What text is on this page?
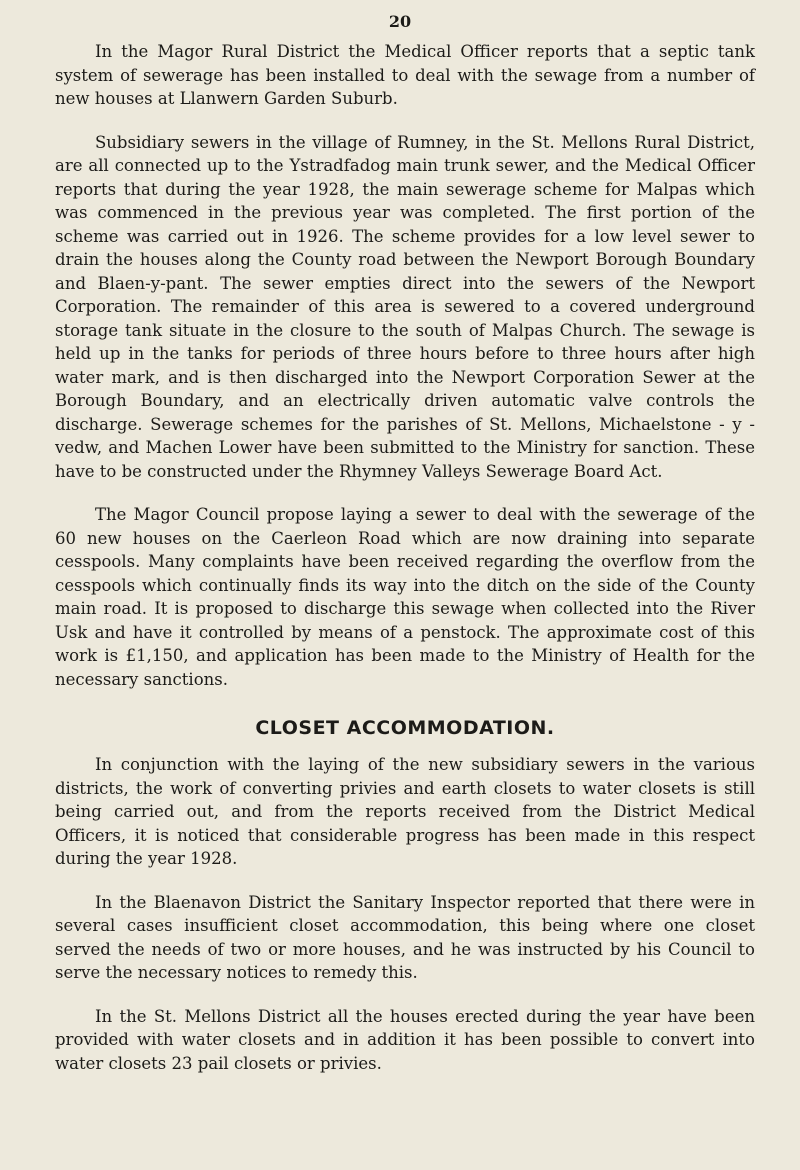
20

In the Magor Rural District the Medical Officer reports that a septic tank system of sewerage has been installed to deal with the sewage from a number of new houses at Llanwern Garden Suburb.

Subsidiary sewers in the village of Rumney, in the St. Mellons Rural District, are all connected up to the Ystradfadog main trunk sewer, and the Medical Officer reports that during the year 1928, the main sewerage scheme for Malpas which was commenced in the previous year was completed. The first portion of the scheme was carried out in 1926. The scheme provides for a low level sewer to drain the houses along the County road between the Newport Borough Boundary and Blaen-y-pant. The sewer empties direct into the sewers of the Newport Corporation. The remainder of this area is sewered to a covered underground storage tank situate in the closure to the south of Malpas Church. The sewage is held up in the tanks for periods of three hours before to three hours after high water mark, and is then discharged into the Newport Corporation Sewer at the Borough Boundary, and an electrically driven automatic valve controls the discharge. Sewerage schemes for the parishes of St. Mellons, Michaelstone - y - vedw, and Machen Lower have been submitted to the Ministry for sanction. These have to be constructed under the Rhymney Valleys Sewerage Board Act.

The Magor Council propose laying a sewer to deal with the sewerage of the 60 new houses on the Caerleon Road which are now draining into separate cesspools. Many complaints have been received regarding the overflow from the cesspools which continually finds its way into the ditch on the side of the County main road. It is proposed to discharge this sewage when collected into the River Usk and have it controlled by means of a penstock. The approximate cost of this work is £1,150, and application has been made to the Ministry of Health for the necessary sanctions.

CLOSET ACCOMMODATION.

In conjunction with the laying of the new subsidiary sewers in the various districts, the work of converting privies and earth closets to water closets is still being carried out, and from the reports received from the District Medical Officers, it is noticed that considerable progress has been made in this respect during the year 1928.

In the Blaenavon District the Sanitary Inspector reported that there were in several cases insufficient closet accommodation, this being where one closet served the needs of two or more houses, and he was instructed by his Council to serve the necessary notices to remedy this.

In the St. Mellons District all the houses erected during the year have been provided with water closets and in addition it has been possible to convert into water closets 23 pail closets or privies.
